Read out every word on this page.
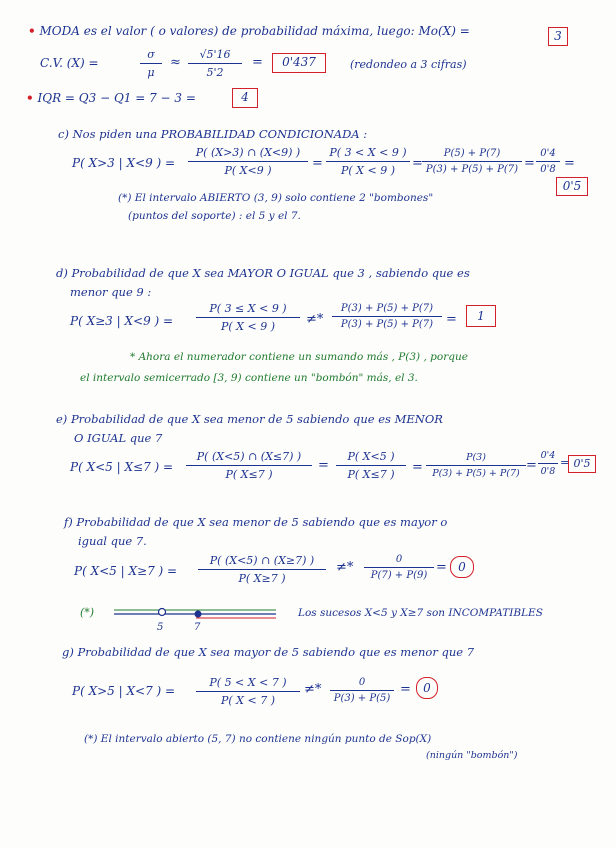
• MODA es el valor ( o valores) de probabilidad máxima, luego: Mo(X) =	3
C.V. (X) =	$\frac{\sigma}{\mu} \approx \frac{√5'16}{5'2}$ =	0'437	(redondeo a 3 cifras)
• IQR = Q3 − Q1 = 7 − 3 =	4
c) Nos piden una PROBABILIDAD CONDICIONADA :
P( X>3 | X<9 ) = $\frac{P( (X>3) \cap (X<9) )}{P( X<9 )} = \frac{P( 3 < X < 9 )}{P( X < 9 )} = \frac{P(5) + P(7)}{P(3) + P(5) + P(7)} = \frac{0'4}{0'8}$ =
0'5
(*) El intervalo ABIERTO (3, 9) solo contiene 2 "bombones"
(puntos del soporte) : el 5 y el 7.
d) Probabilidad de que X sea MAYOR O IGUAL que 3 , sabiendo que es
menor que 9 :
P( X≥3 | X<9 ) = $\frac{P( 3 \le X < 9 )}{P( X < 9 )} \ne* \frac{P(3) + P(5) + P(7)}{P(3) + P(5) + P(7)}$ =	1
* Ahora el numerador contiene un sumando más , P(3) , porque
el intervalo semicerrado [3, 9) contiene un "bombón" más, el 3.
e) Probabilidad de que X sea menor de 5 sabiendo que es MENOR
O IGUAL que 7
P( X<5 | X≤7 ) = $\frac{P( (X<5) \cap (X\le 7) )}{P( X\le 7 )} = \frac{P( X<5 )}{P( X\le 7 )} = \frac{P(3)}{P(3) + P(5) + P(7)} = \frac{0'4}{0'8} = 0'5$
f) Probabilidad de que X sea menor de 5 sabiendo que es mayor o
igual que 7.
P( X<5 | X≥7 ) = $\frac{P( (X<5) \cap (X\ge 7) )}{P( X\ge 7 )} \ne* \frac{0}{P(7) + P(9)} = 0$
(*)
5	7
Los sucesos X<5 y X≥7 son INCOMPATIBLES
g) Probabilidad de que X sea mayor de 5 sabiendo que es menor que 7
P( X>5 | X<7 ) = $\frac{P( 5 < X < 7 )}{P( X < 7 )} \ne* \frac{0}{P(3) + P(5)}$ =	0
(*) El intervalo abierto (5, 7) no contiene ningún punto de Sop(X)
(ningún "bombón")
